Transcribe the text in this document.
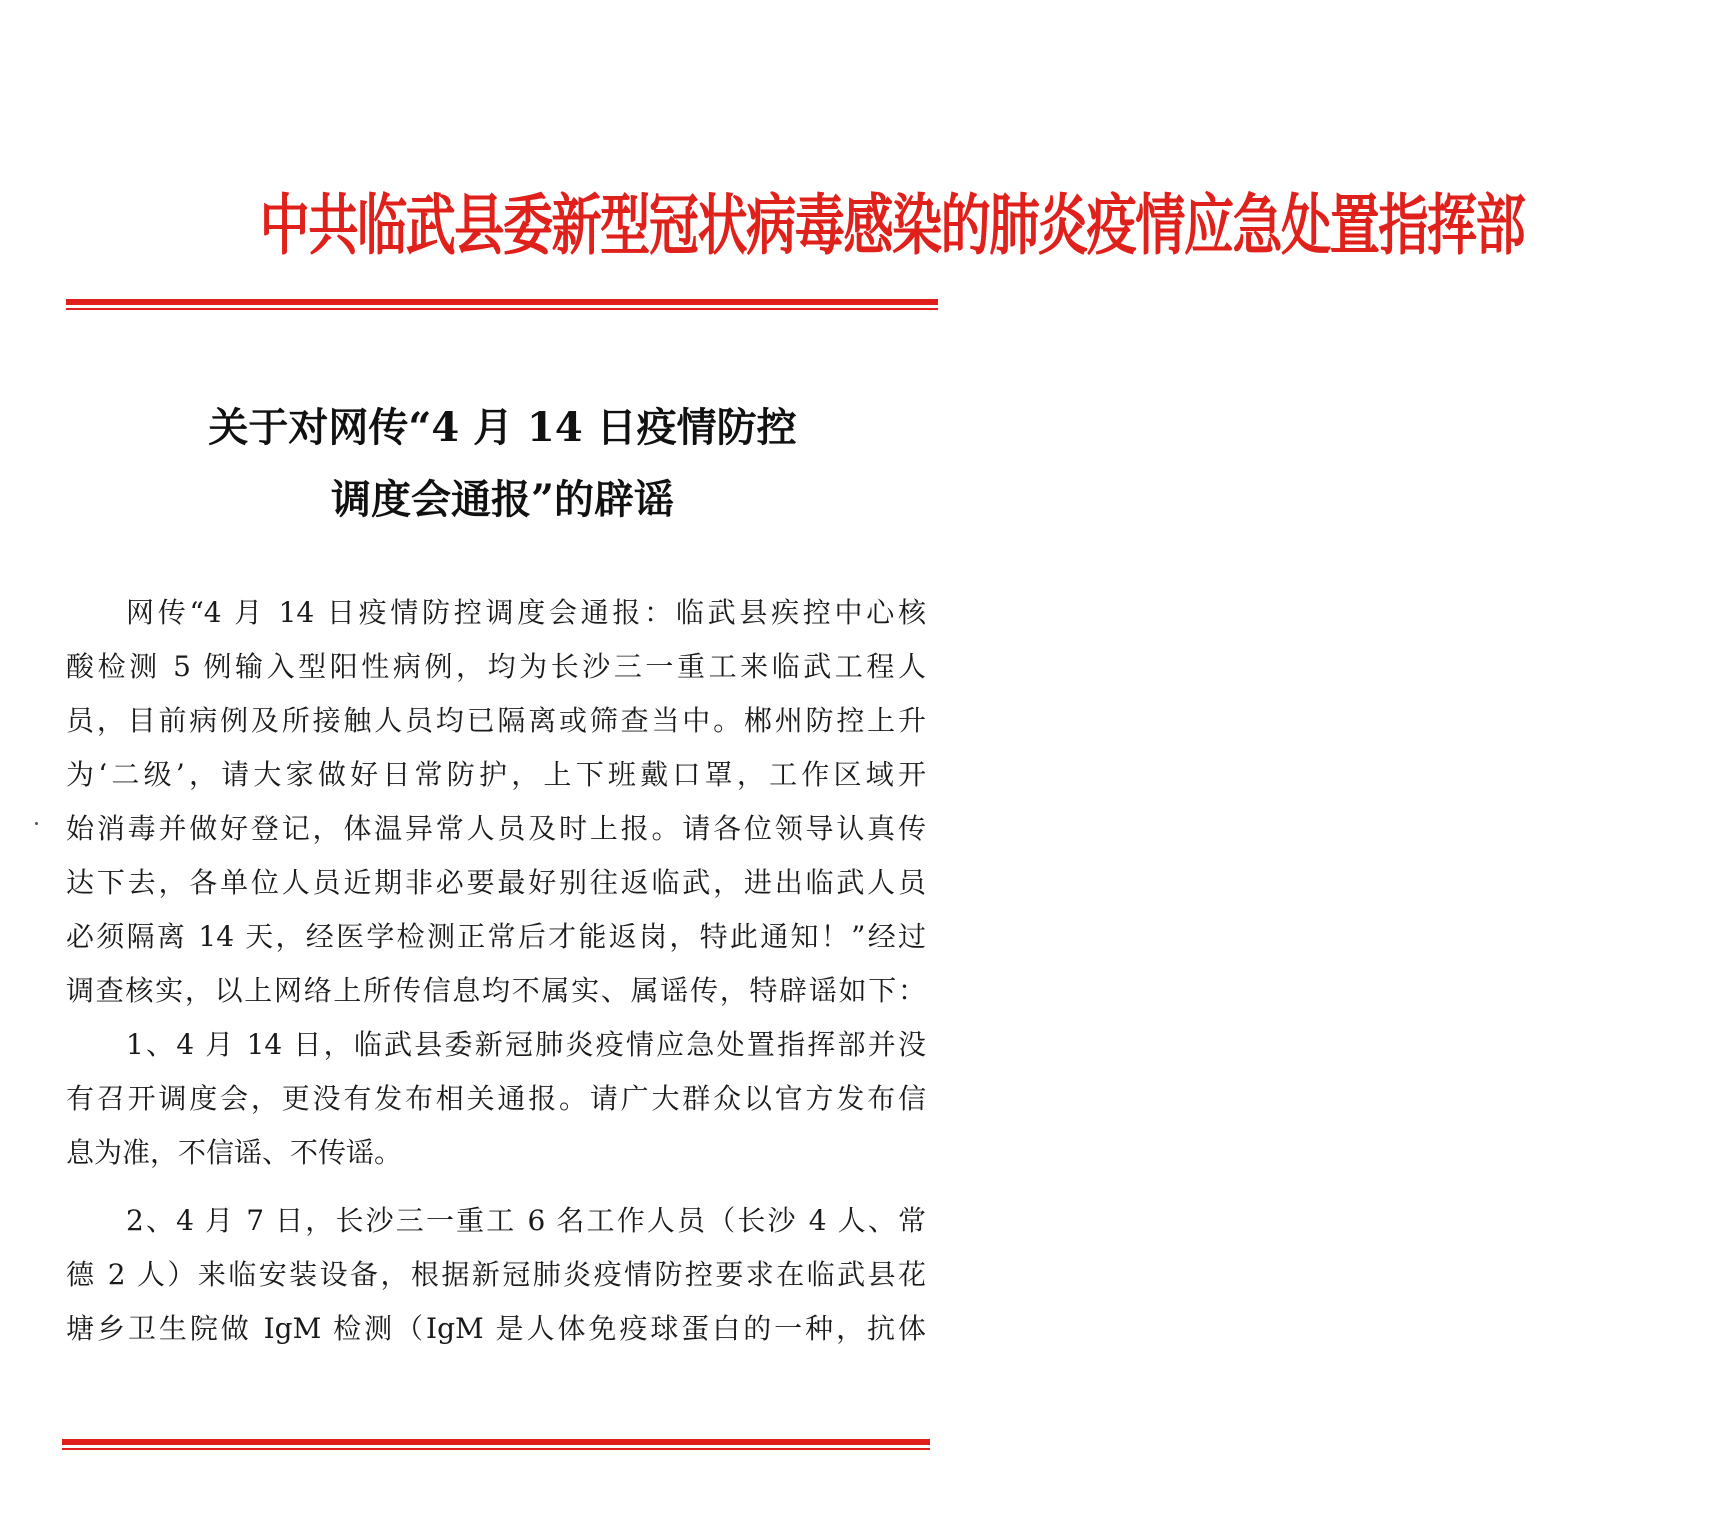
中共临武县委新型冠状病毒感染的肺炎疫情应急处置指挥部
关于对网传“4 月 14 日疫情防控
调度会通报”的辟谣
网传“4 月 14 日疫情防控调度会通报：临武县疾控中心核
酸检测 5 例输入型阳性病例，均为长沙三一重工来临武工程人
员，目前病例及所接触人员均已隔离或筛查当中。郴州防控上升
为‘二级’，请大家做好日常防护，上下班戴口罩，工作区域开
始消毒并做好登记，体温异常人员及时上报。请各位领导认真传
达下去，各单位人员近期非必要最好别往返临武，进出临武人员
必须隔离 14 天，经医学检测正常后才能返岗，特此通知！”经过
调查核实，以上网络上所传信息均不属实、属谣传，特辟谣如下：
1、4 月 14 日，临武县委新冠肺炎疫情应急处置指挥部并没
有召开调度会，更没有发布相关通报。请广大群众以官方发布信
息为准，不信谣、不传谣。
2、4 月 7 日，长沙三一重工 6 名工作人员（长沙 4 人、常
德 2 人）来临安装设备，根据新冠肺炎疫情防控要求在临武县花
塘乡卫生院做 IgM 检测（IgM 是人体免疫球蛋白的一种，抗体
